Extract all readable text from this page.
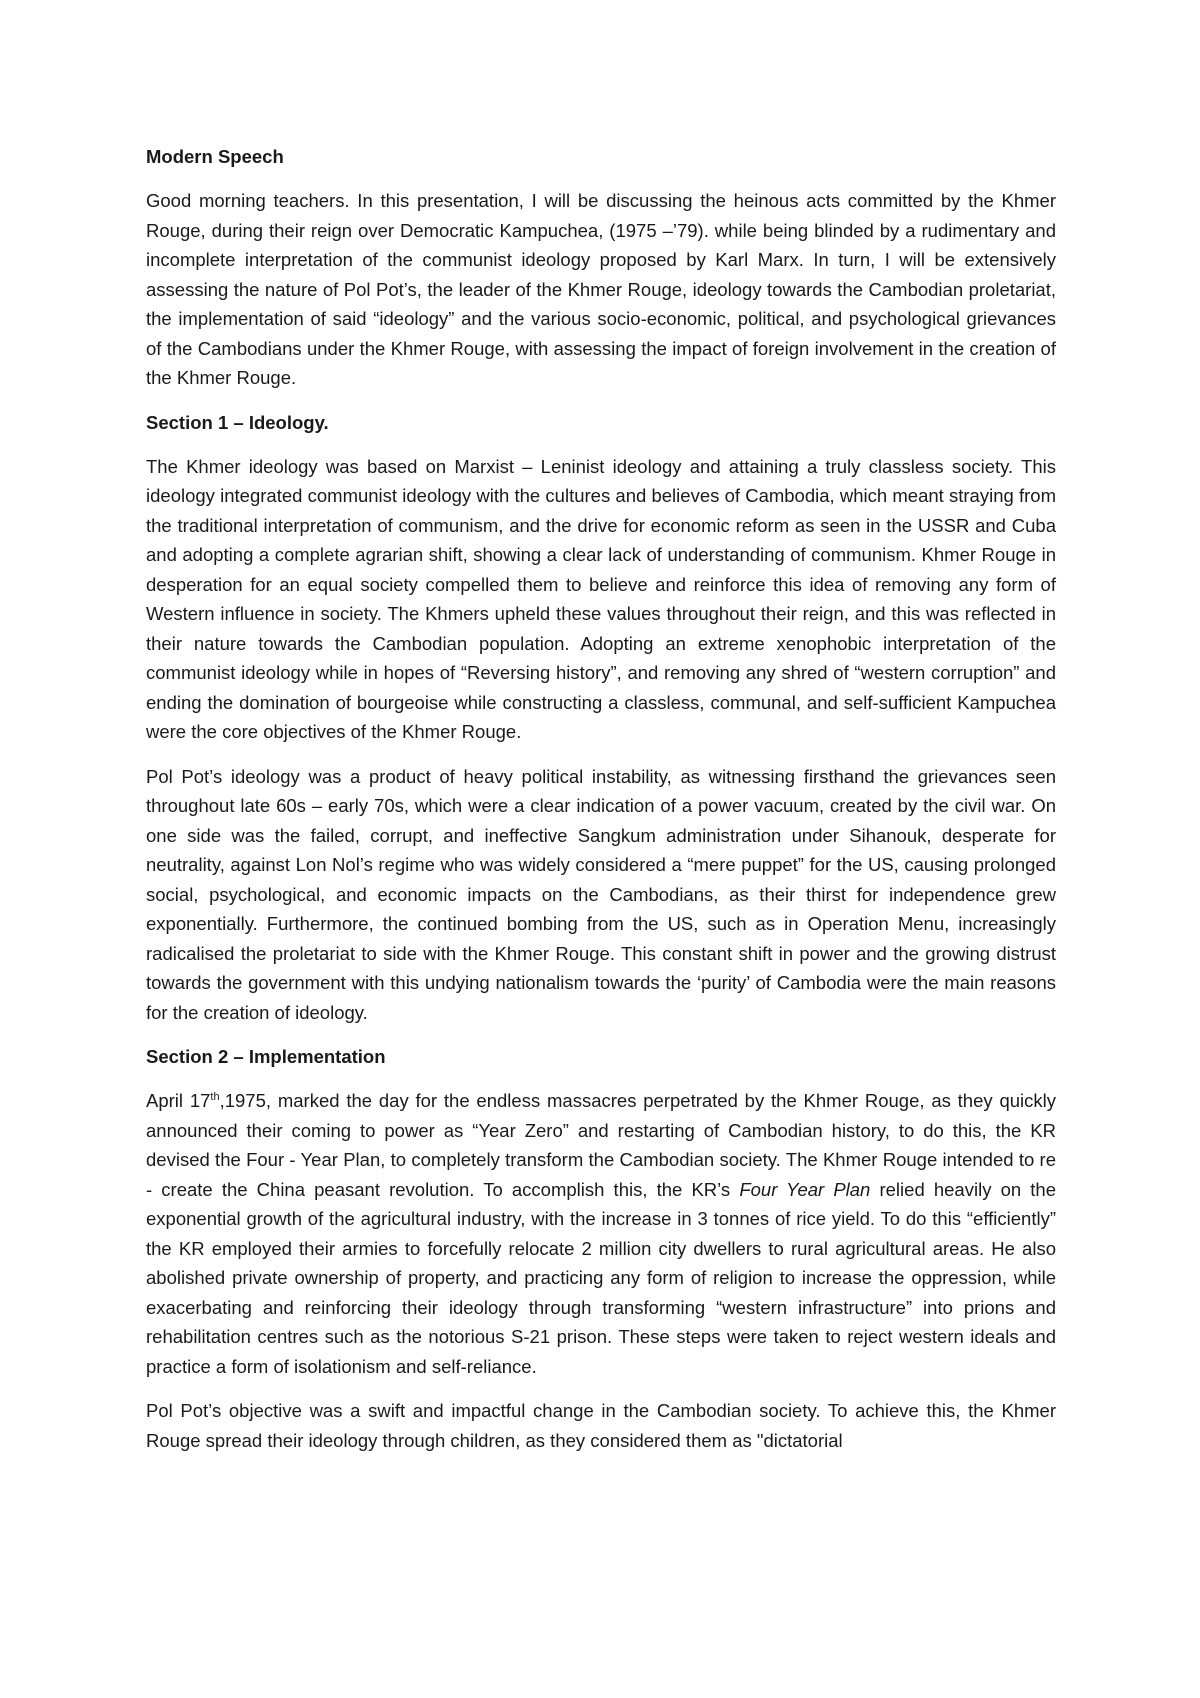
Modern Speech

Good morning teachers. In this presentation, I will be discussing the heinous acts committed by the Khmer Rouge, during their reign over Democratic Kampuchea, (1975 –’79). while being blinded by a rudimentary and incomplete interpretation of the communist ideology proposed by Karl Marx. In turn, I will be extensively assessing the nature of Pol Pot’s, the leader of the Khmer Rouge, ideology towards the Cambodian proletariat, the implementation of said “ideology” and the various socio-economic, political, and psychological grievances of the Cambodians under the Khmer Rouge, with assessing the impact of foreign involvement in the creation of the Khmer Rouge.

Section 1 – Ideology.

The Khmer ideology was based on Marxist – Leninist ideology and attaining a truly classless society. This ideology integrated communist ideology with the cultures and believes of Cambodia, which meant straying from the traditional interpretation of communism, and the drive for economic reform as seen in the USSR and Cuba and adopting a complete agrarian shift, showing a clear lack of understanding of communism. Khmer Rouge in desperation for an equal society compelled them to believe and reinforce this idea of removing any form of Western influence in society. The Khmers upheld these values throughout their reign, and this was reflected in their nature towards the Cambodian population. Adopting an extreme xenophobic interpretation of the communist ideology while in hopes of “Reversing history”, and removing any shred of “western corruption” and ending the domination of bourgeoise while constructing a classless, communal, and self-sufficient Kampuchea were the core objectives of the Khmer Rouge.

Pol Pot’s ideology was a product of heavy political instability, as witnessing firsthand the grievances seen throughout late 60s – early 70s, which were a clear indication of a power vacuum, created by the civil war. On one side was the failed, corrupt, and ineffective Sangkum administration under Sihanouk, desperate for neutrality, against Lon Nol’s regime who was widely considered a “mere puppet” for the US, causing prolonged social, psychological, and economic impacts on the Cambodians, as their thirst for independence grew exponentially. Furthermore, the continued bombing from the US, such as in Operation Menu, increasingly radicalised the proletariat to side with the Khmer Rouge. This constant shift in power and the growing distrust towards the government with this undying nationalism towards the ‘purity’ of Cambodia were the main reasons for the creation of ideology.

Section 2 – Implementation

April 17th,1975, marked the day for the endless massacres perpetrated by the Khmer Rouge, as they quickly announced their coming to power as “Year Zero” and restarting of Cambodian history, to do this, the KR devised the Four - Year Plan, to completely transform the Cambodian society. The Khmer Rouge intended to re - create the China peasant revolution. To accomplish this, the KR’s Four Year Plan relied heavily on the exponential growth of the agricultural industry, with the increase in 3 tonnes of rice yield. To do this “efficiently” the KR employed their armies to forcefully relocate 2 million city dwellers to rural agricultural areas. He also abolished private ownership of property, and practicing any form of religion to increase the oppression, while exacerbating and reinforcing their ideology through transforming “western infrastructure” into prions and rehabilitation centres such as the notorious S-21 prison. These steps were taken to reject western ideals and practice a form of isolationism and self-reliance.

Pol Pot’s objective was a swift and impactful change in the Cambodian society. To achieve this, the Khmer Rouge spread their ideology through children, as they considered them as "dictatorial
